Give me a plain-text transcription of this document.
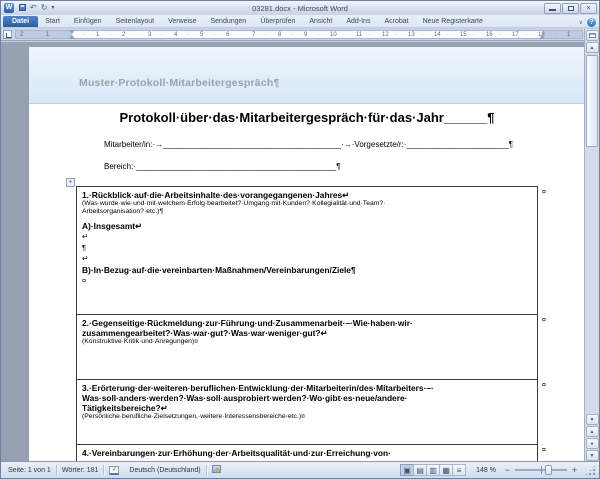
W ↶ ↻ ▾	03281.docx - Microsoft Word	×
Datei	Start	Einfügen	Seitenlayout	Verweise	Sendungen	Überprüfen	Ansicht	Add-Ins	Acrobat	Neue Registerkarte	∨ ?
2 · 1 ·	· 1 · 2 · 3 · 4 · 5 · 6 · 7 · 8 · 9 · 10 · 11 · 12 · 13 · 14 · 15 · 16 · 17 · 18 · 1
Muster·Protokoll·Mitarbeitergespräch¶
Protokoll·über·das·Mitarbeitergespräch·für·das·Jahr______¶
Mitarbeiter/in:·→________________________________________·→·Vorgesetzte/r:·_______________________¶
Bereich:·_____________________________________________¶
+
1.·Rückblick·auf·die·Arbeitsinhalte·des·vorangegangenen·Jahres↵
(Was·wurde·wie·und·mit·welchem·Erfolg·bearbeitet?·Umgang·mit·Kunden?·Kollegialität·und·Team?·
Arbeitsorganisation?·etc.)¶
A)·Insgesamt↵
↵
¶
↵
B)·In·Bezug·auf·die·vereinbarten·Maßnahmen/Vereinbarungen/Ziele¶
¤

2.·Gegenseitige·Rückmeldung·zur·Führung·und·Zusammenarbeit·–·Wie·haben·wir·
zusammengearbeitet?·Was·war·gut?·Was·war·weniger·gut?↵
(Konstruktive·Kritik·und·Anregungen)¤

3.·Erörterung·der·weiteren·beruflichen·Entwicklung·der·Mitarbeiterin/des·Mitarbeiters·–·
Was·soll·anders·werden?·Was·soll·ausprobiert·werden?·Wo·gibt·es·neue/andere·
Tätigkeitsbereiche?↵
(Persönliche·berufliche·Zielsetzungen,·weitere·Interessensbereiche·etc.)¤

4.·Vereinbarungen·zur·Erhöhung·der·Arbeitsqualität·und·zur·Erreichung·von·
¤
¤
¤
¤
▲
▼
▲
●
▼
Seite: 1 von 1	Wörter: 181	✓	Deutsch (Deutschland)	▣ ▤ ▥ ▦ ≡	148 % −	+
